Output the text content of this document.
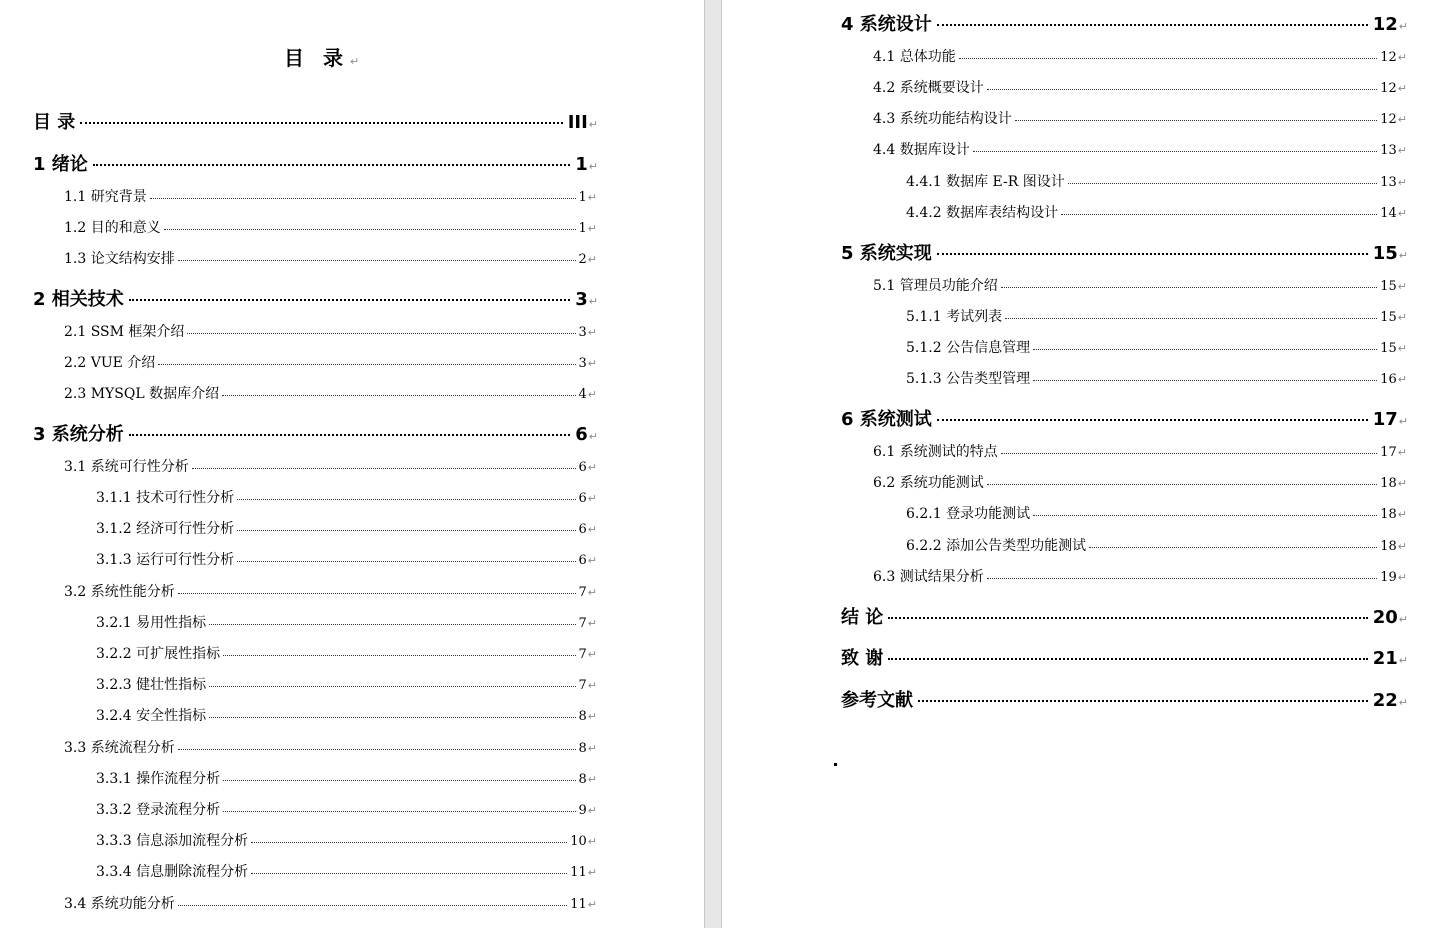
目 录↵
目 录	III ↵
1 绪论	1 ↵
1.1 研究背景	1 ↵
1.2 目的和意义	1 ↵
1.3 论文结构安排	2 ↵
2 相关技术	3 ↵
2.1 SSM 框架介绍	3 ↵
2.2 VUE 介绍	3 ↵
2.3 MYSQL 数据库介绍	4 ↵
3 系统分析	6 ↵
3.1 系统可行性分析	6 ↵
3.1.1 技术可行性分析	6 ↵
3.1.2 经济可行性分析	6 ↵
3.1.3 运行可行性分析	6 ↵
3.2 系统性能分析	7 ↵
3.2.1 易用性指标	7 ↵
3.2.2 可扩展性指标	7 ↵
3.2.3 健壮性指标	7 ↵
3.2.4 安全性指标	8 ↵
3.3 系统流程分析	8 ↵
3.3.1 操作流程分析	8 ↵
3.3.2 登录流程分析	9 ↵
3.3.3 信息添加流程分析	10 ↵
3.3.4 信息删除流程分析	11 ↵
3.4 系统功能分析	11 ↵
4 系统设计	12 ↵
4.1 总体功能	12 ↵
4.2 系统概要设计	12 ↵
4.3 系统功能结构设计	12 ↵
4.4 数据库设计	13 ↵
4.4.1 数据库 E-R 图设计	13 ↵
4.4.2 数据库表结构设计	14 ↵
5 系统实现	15 ↵
5.1 管理员功能介绍	15 ↵
5.1.1 考试列表	15 ↵
5.1.2 公告信息管理	15 ↵
5.1.3 公告类型管理	16 ↵
6 系统测试	17 ↵
6.1 系统测试的特点	17 ↵
6.2 系统功能测试	18 ↵
6.2.1 登录功能测试	18 ↵
6.2.2 添加公告类型功能测试	18 ↵
6.3 测试结果分析	19 ↵
结 论	20 ↵
致 谢	21 ↵
参考文献	22 ↵
